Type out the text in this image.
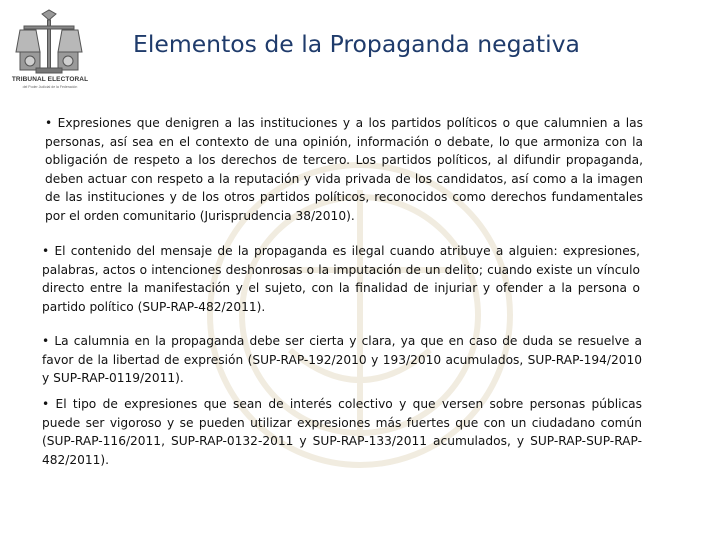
TRIBUNAL ELECTORAL
del Poder Judicial de la Federación
Elementos de la Propaganda negativa

• Expresiones que denigren a las instituciones y a los partidos políticos o que calumnien a las personas, así sea en el contexto de una opinión, información o debate, lo que armoniza con la obligación de respeto a los derechos de tercero. Los partidos políticos, al difundir propaganda, deben actuar con respeto a la reputación y vida privada de los candidatos, así como a la imagen de las instituciones y de los otros partidos políticos, reconocidos como derechos fundamentales por el orden comunitario (Jurisprudencia 38/2010).

• El contenido del mensaje de la propaganda es ilegal cuando atribuye a alguien: expresiones, palabras, actos o intenciones deshonrosas o la imputación de un delito; cuando existe un vínculo directo entre la manifestación y el sujeto, con la finalidad de injuriar y ofender a la persona o partido político (SUP-RAP-482/2011).

• La calumnia en la propaganda debe ser cierta y clara, ya que en caso de duda se resuelve a favor de la libertad de expresión (SUP-RAP-192/2010 y 193/2010 acumulados, SUP-RAP-194/2010 y SUP-RAP-0119/2011).

• El tipo de expresiones que sean de interés colectivo y que versen sobre personas públicas puede ser vigoroso y se pueden utilizar expresiones más fuertes que con un ciudadano común (SUP-RAP-116/2011, SUP-RAP-0132-2011 y SUP-RAP-133/2011 acumulados, y SUP-RAP-SUP-RAP-482/2011).
